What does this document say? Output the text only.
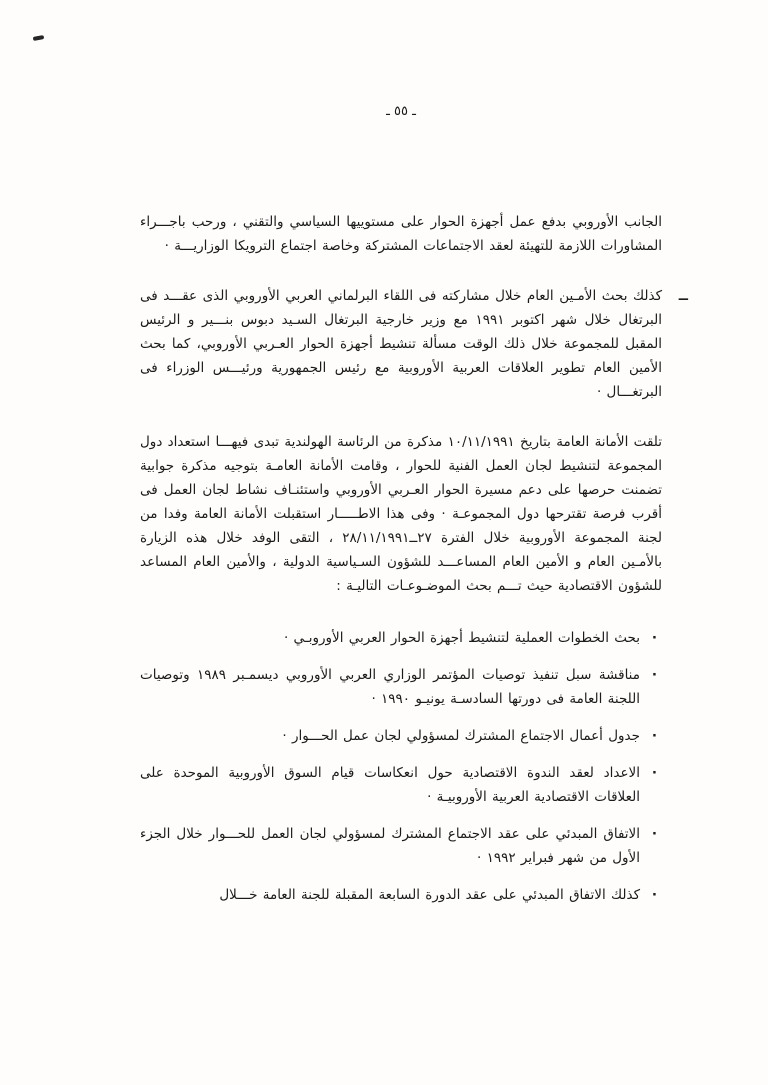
ـ ٥٥ ـ

الجانب الأوروبي بدفع عمل أجهزة الحوار على مستوييها السياسي والتقني ، ورحب باجـــراء المشاورات اللازمة للتهيئة لعقد الاجتماعات المشتركة وخاصة اجتماع الترويكا الوزاريـــة ·

ــ
كذلك بحث الأمـين العام خلال مشاركته فى اللقاء البرلماني العربي الأوروبي الذى عقـــد فى البرتغال خلال شهر اكتوبر ١٩٩١ مع وزير خارجية البرتغال السـيد دبوس بنـــير و الرئيس المقبل للمجموعة خلال ذلك الوقت مسألة تنشيط أجهزة الحوار العـربي الأوروبي، كما بحث الأمين العام تطوير العلاقات العربية الأوروبية مع رئيس الجمهورية ورئيـــس الوزراء فى البرتغـــال ·

تلقت الأمانة العامة بتاريخ ١٠/١١/١٩٩١ مذكرة من الرئاسة الهولندية تبدى فيهـــا استعداد دول المجموعة لتنشيط لجان العمل الفنية للحوار ، وقامت الأمانة العامـة بتوجيه مذكرة جوابية تضمنت حرصها على دعم مسيرة الحوار العـربي الأوروبي واستئنـاف نشاط لجان العمل فى أقرب فرصة تقترحها دول المجموعـة · وفى هذا الاطـــــار استقبلت الأمانة العامة وفدا من لجنة المجموعة الأوروبية خلال الفترة ٢٧ــ٢٨/١١/١٩٩١ ، التقى الوفد خلال هذه الزيارة بالأمـين العام و الأمين العام المساعـــد للشؤون السـياسية الدولية ، والأمين العام المساعد للشؤون الاقتصادية حيث تـــم بحث الموضـوعـات التاليـة :

·
بحث الخطوات العملية لتنشيط أجهزة الحوار العربي الأوروبـي ·
·
مناقشة سبل تنفيذ توصيات المؤتمر الوزاري العربي الأوروبي ديسمـبر ١٩٨٩ وتوصيات اللجنة العامة فى دورتها السادسـة يونيـو ١٩٩٠ ·
·
جدول أعمال الاجتماع المشترك لمسؤولي لجان عمل الحـــوار ·
·
الاعداد لعقد الندوة الاقتصادية حول انعكاسات قيام السوق الأوروبية الموحدة على العلاقات الاقتصادية العربية الأوروبيـة ·
·
الاتفاق المبدئي على عقد الاجتماع المشترك لمسؤولي لجان العمل للحـــوار خلال الجزء الأول من شهر فبراير ١٩٩٢ ·
·
كذلك الاتفاق المبدئي على عقد الدورة السابعة المقبلة للجنة العامة خـــلال
